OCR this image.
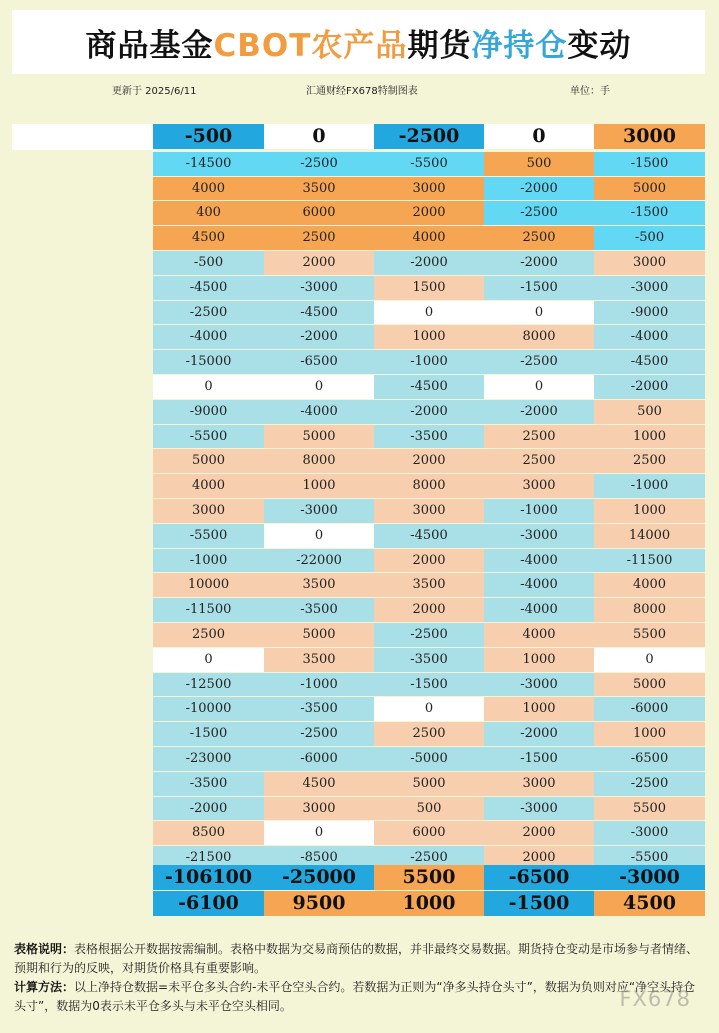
商品基金CBOT农产品期货净持仓变动
更新于 2025/6/11	汇通财经FX678特制图表	单位：手
-500	0	-2500	0	3000
-14500	-2500	-5500	500	-1500
4000	3500	3000	-2000	5000
400	6000	2000	-2500	-1500
4500	2500	4000	2500	-500
-500	2000	-2000	-2000	3000
-4500	-3000	1500	-1500	-3000
-2500	-4500	0	0	-9000
-4000	-2000	1000	8000	-4000
-15000	-6500	-1000	-2500	-4500
0	0	-4500	0	-2000
-9000	-4000	-2000	-2000	500
-5500	5000	-3500	2500	1000
5000	8000	2000	2500	2500
4000	1000	8000	3000	-1000
3000	-3000	3000	-1000	1000
-5500	0	-4500	-3000	14000
-1000	-22000	2000	-4000	-11500
10000	3500	3500	-4000	4000
-11500	-3500	2000	-4000	8000
2500	5000	-2500	4000	5500
0	3500	-3500	1000	0
-12500	-1000	-1500	-3000	5000
-10000	-3500	0	1000	-6000
-1500	-2500	2500	-2000	1000
-23000	-6000	-5000	-1500	-6500
-3500	4500	5000	3000	-2500
-2000	3000	500	-3000	5500
8500	0	6000	2000	-3000
-21500	-8500	-2500	2000	-5500
-106100	-25000	5500	-6500	-3000
-6100	9500	1000	-1500	4500
表格说明：表格根据公开数据按需编制。表格中数据为交易商预估的数据，并非最终交易数据。期货持仓变动是市场参与者情绪、预期和行为的反映，对期货价格具有重要影响。
计算方法：以上净持仓数据=未平仓多头合约-未平仓空头合约。若数据为正则为“净多头持仓头寸”，数据为负则对应“净空头持仓头寸”，数据为0表示未平仓多头与未平仓空头相同。	FX678
